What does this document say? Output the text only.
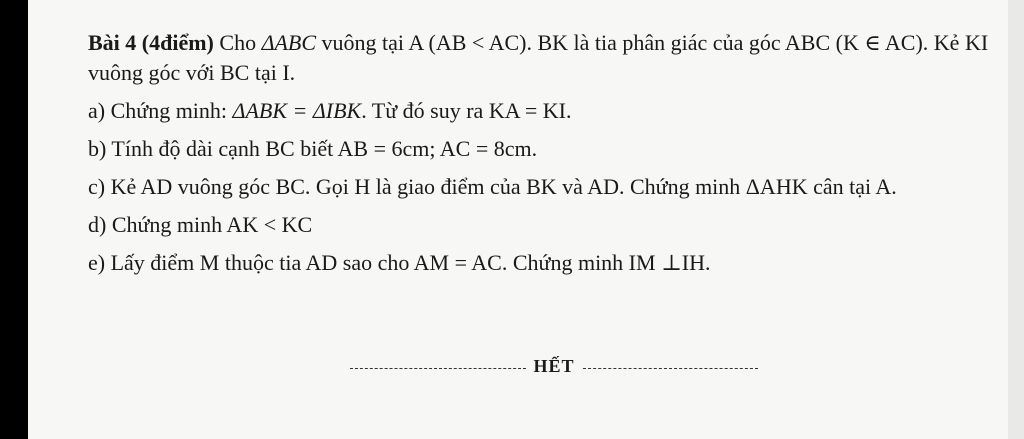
Bài 4 (4điểm) Cho ΔABC vuông tại A (AB < AC). BK là tia phân giác của góc ABC (K ∈ AC). Kẻ KI vuông góc với BC tại I.

a) Chứng minh: ΔABK = ΔIBK. Từ đó suy ra KA = KI.

b) Tính độ dài cạnh BC biết AB = 6cm; AC = 8cm.

c) Kẻ AD vuông góc BC. Gọi H là giao điểm của BK và AD. Chứng minh ΔAHK cân tại A.

d) Chứng minh AK < KC

e) Lấy điểm M thuộc tia AD sao cho AM = AC. Chứng minh IM ⊥IH.

HẾT
